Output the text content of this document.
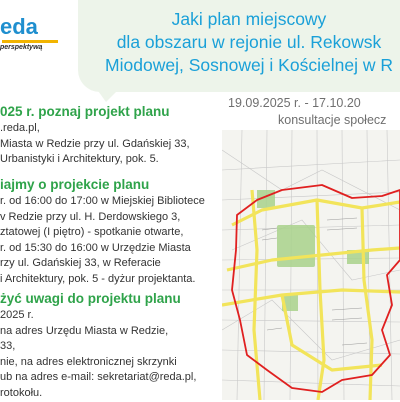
eda
perspektywą
Jaki plan miejscowy
dla obszaru w rejonie ul. Rekowsk
Miodowej, Sosnowej i Kościelnej w R
19.09.2025 r. - 17.10.20
konsultacje społecz
025 r. poznaj projekt planu
.reda.pl,
Miasta w Redzie przy ul. Gdańskiej 33,
Urbanistyki i Architektury, pok. 5.
iajmy o projekcie planu
r. od 16:00 do 17:00 w Miejskiej Bibliotece
v Redzie przy ul. H. Derdowskiego 3,
ztatowej (I piętro) - spotkanie otwarte,
r. od 15:30 do 16:00 w Urzędzie Miasta
rzy ul. Gdańskiej 33, w Referacie
i Architektury, pok. 5 - dyżur projektanta.
żyć uwagi do projektu planu
2025 r.
na adres Urzędu Miasta w Redzie,
33,
nie, na adres elektronicznej skrzynki
ub na adres e-mail: sekretariat@reda.pl,
rotokołu.
